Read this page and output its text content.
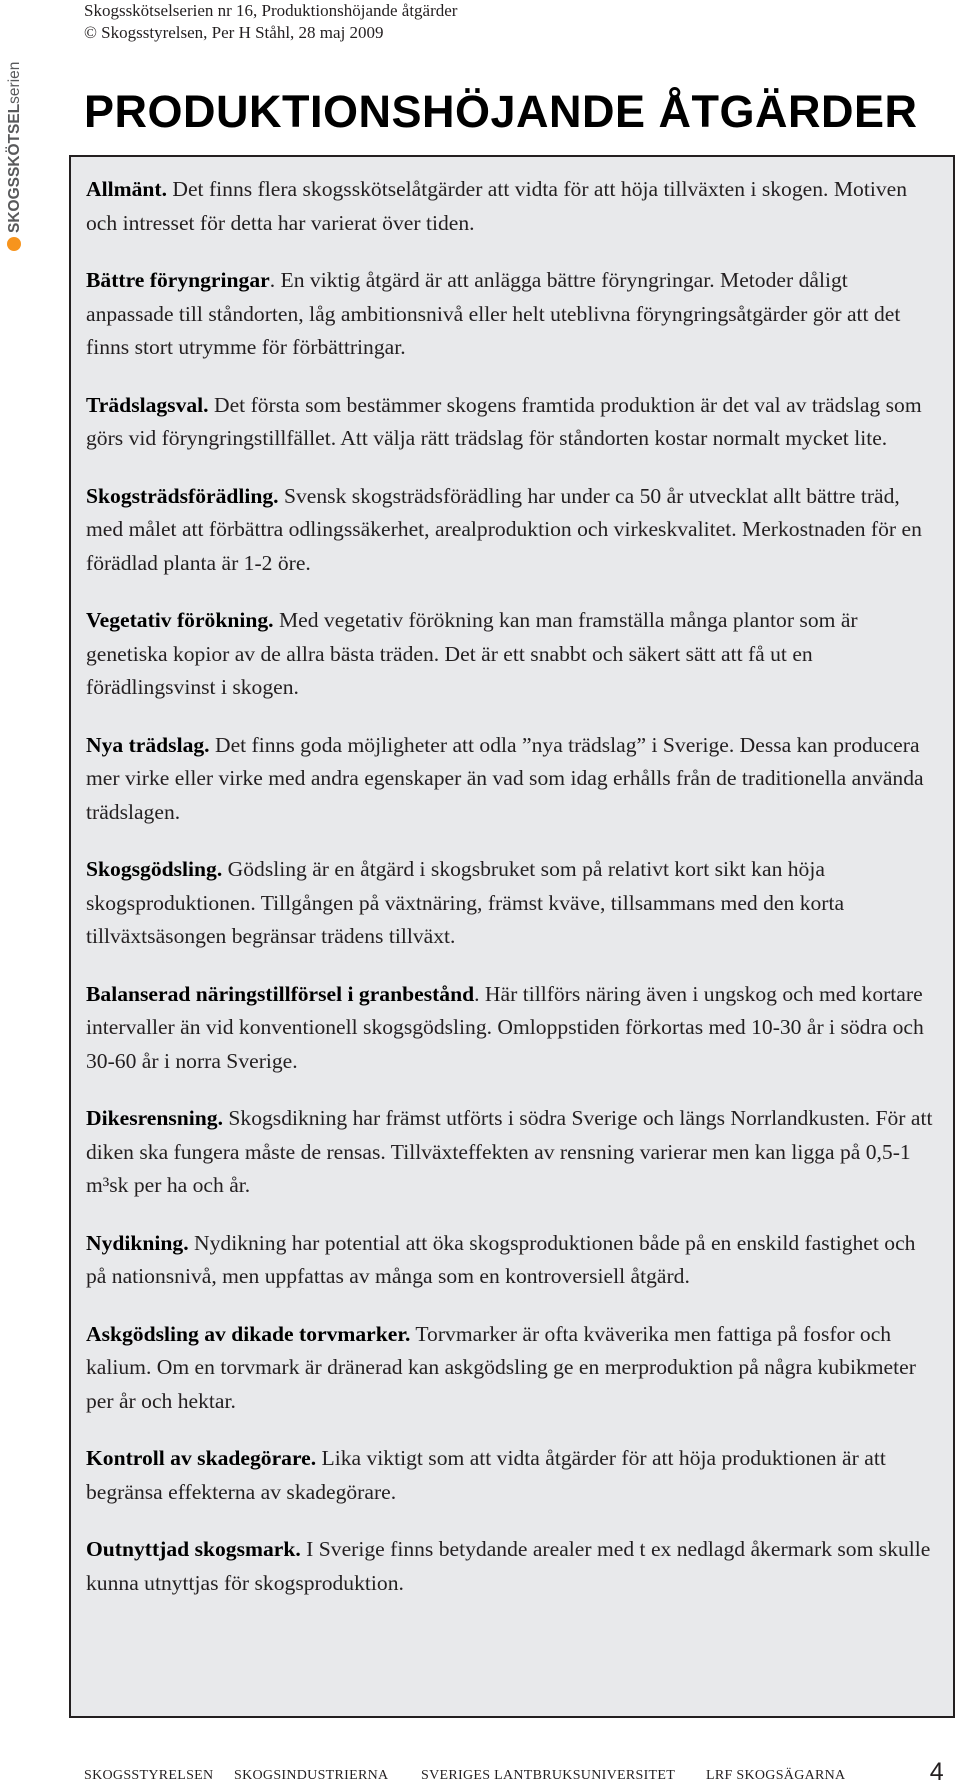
Skogsskötselserien nr 16, Produktionshöjande åtgärder
© Skogsstyrelsen, Per H Ståhl, 28 maj 2009
SKOGSSKÖTSELserien
PRODUKTIONSHÖJANDE ÅTGÄRDER

Allmänt. Det finns flera skogsskötselåtgärder att vidta för att höja tillväxten i skogen. Motiven och intresset för detta har varierat över tiden.

Bättre föryngringar. En viktig åtgärd är att anlägga bättre föryngringar. Metoder dåligt anpassade till ståndorten, låg ambitionsnivå eller helt uteblivna föryngringsåtgärder gör att det finns stort utrymme för förbättringar.

Trädslagsval. Det första som bestämmer skogens framtida produktion är det val av trädslag som görs vid föryngringstillfället. Att välja rätt trädslag för ståndorten kostar normalt mycket lite.

Skogsträdsförädling. Svensk skogsträdsförädling har under ca 50 år utvecklat allt bättre träd, med målet att förbättra odlingssäkerhet, arealproduktion och virkeskvalitet. Merkostnaden för en förädlad planta är 1-2 öre.

Vegetativ förökning. Med vegetativ förökning kan man framställa många plantor som är genetiska kopior av de allra bästa träden. Det är ett snabbt och säkert sätt att få ut en förädlingsvinst i skogen.

Nya trädslag. Det finns goda möjligheter att odla ”nya trädslag” i Sverige. Dessa kan producera mer virke eller virke med andra egenskaper än vad som idag erhålls från de traditionella använda trädslagen.

Skogsgödsling. Gödsling är en åtgärd i skogsbruket som på relativt kort sikt kan höja skogsproduktionen. Tillgången på växtnäring, främst kväve, tillsammans med den korta tillväxtsäsongen begränsar trädens tillväxt.

Balanserad näringstillförsel i granbestånd. Här tillförs näring även i ungskog och med kortare intervaller än vid konventionell skogsgödsling. Omloppstiden förkortas med 10-30 år i södra och 30-60 år i norra Sverige.

Dikesrensning. Skogsdikning har främst utförts i södra Sverige och längs Norrlandkusten. För att diken ska fungera måste de rensas. Tillväxteffekten av rensning varierar men kan ligga på 0,5-1 m³sk per ha och år.

Nydikning. Nydikning har potential att öka skogsproduktionen både på en enskild fastighet och på nationsnivå, men uppfattas av många som en kontroversiell åtgärd.

Askgödsling av dikade torvmarker. Torvmarker är ofta kväverika men fattiga på fosfor och kalium. Om en torvmark är dränerad kan askgödsling ge en merproduktion på några kubikmeter per år och hektar.

Kontroll av skadegörare. Lika viktigt som att vidta åtgärder för att höja produktionen är att begränsa effekterna av skadegörare.

Outnyttjad skogsmark. I Sverige finns betydande arealer med t ex nedlagd åkermark som skulle kunna utnyttjas för skogsproduktion.

SKOGSSTYRELSEN SKOGSINDUSTRIERNA SVERIGES LANTBRUKSUNIVERSITET LRF SKOGSÄGARNA	4
